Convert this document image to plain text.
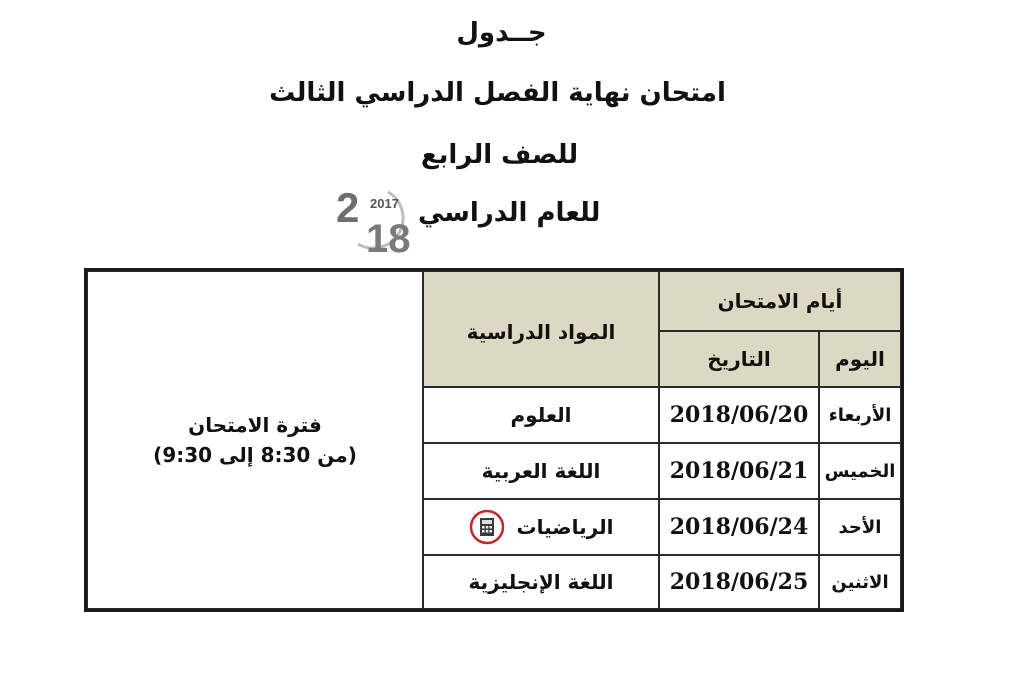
جــدول
امتحان نهاية الفصل الدراسي الثالث
للصف الرابع
2 2017
18
للعام الدراسي
أيام الامتحان
اليوم
التاريخ
المواد الدراسية
فترة الامتحان
(من 8:30 إلى 9:30)
الأربعاء
2018/06/20
العلوم
الخميس
2018/06/21
اللغة العربية
الأحد
2018/06/24
الرياضيات
الاثنين
2018/06/25
اللغة الإنجليزية
